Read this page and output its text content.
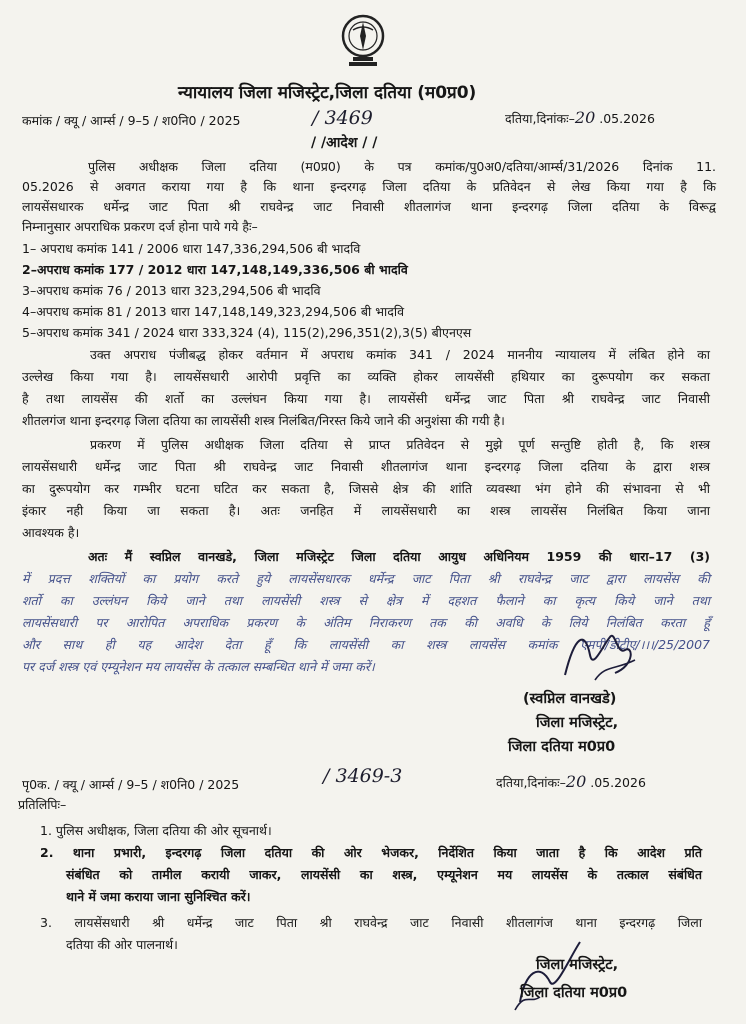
न्यायालय जिला मजिस्ट्रेट,जिला दतिया (म0प्र0)
कमांक / क्यू / आर्म्स / 9–5 / श0नि0 / 2025	/ 3469	दतिया,दिनांकः–20 .05.2026
/ /आदेश / /
पुलिस अधीक्षक जिला दतिया (म0प्र0) के पत्र कमांक/पु0अ0/दतिया/आर्म्स/31/2026 दिनांक 11.
05.2026 से अवगत कराया गया है कि थाना इन्दरगढ़ जिला दतिया के प्रतिवेदन से लेख किया गया है कि
लायसेंसधारक धर्मेन्द्र जाट पिता श्री राघवेन्द्र जाट निवासी शीतलागंज थाना इन्दरगढ़ जिला दतिया के विरूद्व
निम्नानुसार अपराधिक प्रकरण दर्ज होना पाये गये हैः–
1– अपराध कमांक 141 / 2006 धारा 147,336,294,506 बी भादवि
2–अपराध कमांक 177 / 2012 धारा 147,148,149,336,506 बी भादवि
3–अपराध कमांक 76 / 2013 धारा 323,294,506 बी भादवि
4–अपराध कमांक 81 / 2013 धारा 147,148,149,323,294,506 बी भादवि
5–अपराध कमांक 341 / 2024 धारा 333,324 (4), 115(2),296,351(2),3(5) बीएनएस
उक्त अपराध पंजीबद्ध होकर वर्तमान में अपराध कमांक 341 / 2024 माननीय न्यायालय में लंबित होने का
उल्लेख किया गया है। लायसेंसधारी आरोपी प्रवृत्ति का व्यक्ति होकर लायसेंसी हथियार का दुरूपयोग कर सकता
है तथा लायसेंस की शर्तो का उल्लंघन किया गया है। लायसेंसी धर्मेन्द्र जाट पिता श्री राघवेन्द्र जाट निवासी
शीतलगंज थाना इन्दरगढ़ जिला दतिया का लायसेंसी शस्त्र निलंबित/निरस्त किये जाने की अनुशंसा की गयी है।
प्रकरण में पुलिस अधीक्षक जिला दतिया से प्राप्त प्रतिवेदन से मुझे पूर्ण सन्तुष्टि होती है, कि शस्त्र
लायसेंसधारी धर्मेन्द्र जाट पिता श्री राघवेन्द्र जाट निवासी शीतलागंज थाना इन्दरगढ़ जिला दतिया के द्वारा शस्त्र
का दुरूपयोग कर गम्भीर घटना घटित कर सकता है, जिससे क्षेत्र की शांति व्यवस्था भंग होने की संभावना से भी
इंकार नही किया जा सकता है। अतः जनहित में लायसेंसधारी का शस्त्र लायसेंस निलंबित किया जाना
आवश्यक है।
अतः मैं स्वप्निल वानखडे, जिला मजिस्ट्रेट जिला दतिया आयुध अधिनियम 1959 की धारा–17 (3)
में प्रदत्त शक्तियों का प्रयोग करते हुये लायसेंसधारक धर्मेन्द्र जाट पिता श्री राघवेन्द्र जाट द्वारा लायसेंस की
शर्तो का उल्लंघन किये जाने तथा लायसेंसी शस्त्र से क्षेत्र में दहशत फैलाने का कृत्य किये जाने तथा
लायसेंसधारी पर आरोपित अपराधिक प्रकरण के अंतिम निराकरण तक की अवधि के लिये निलंबित करता हूँ
और साथ ही यह आदेश देता हूँ कि लायसेंसी का शस्त्र लायसेंस कमांक एमपी/डीटीए/।।।/25/2007
पर दर्ज शस्त्र एवं एम्यूनेशन मय लायसेंस के तत्काल सम्बन्धित थाने में जमा करें।
(स्वप्निल वानखडे)
जिला मजिस्ट्रेट,
जिला दतिया म0प्र0
पृ0क. / क्यू / आर्म्स / 9–5 / श0नि0 / 2025	/ 3469-3	दतिया,दिनांकः–20 .05.2026
प्रतिलिपिः–
1. पुलिस अधीक्षक, जिला दतिया की ओर सूचनार्थ।
2. थाना प्रभारी, इन्दरगढ़ जिला दतिया की ओर भेजकर, निर्देशित किया जाता है कि आदेश प्रति
संबंधित को तामील करायी जाकर, लायसेंसी का शस्त्र, एम्यूनेशन मय लायसेंस के तत्काल संबंधित
थाने में जमा कराया जाना सुनिश्चित करें।
3. लायसेंसधारी श्री धर्मेन्द्र जाट पिता श्री राघवेन्द्र जाट निवासी शीतलागंज थाना इन्दरगढ़ जिला
दतिया की ओर पालनार्थ।
जिला मजिस्ट्रेट,
जिला दतिया म0प्र0
